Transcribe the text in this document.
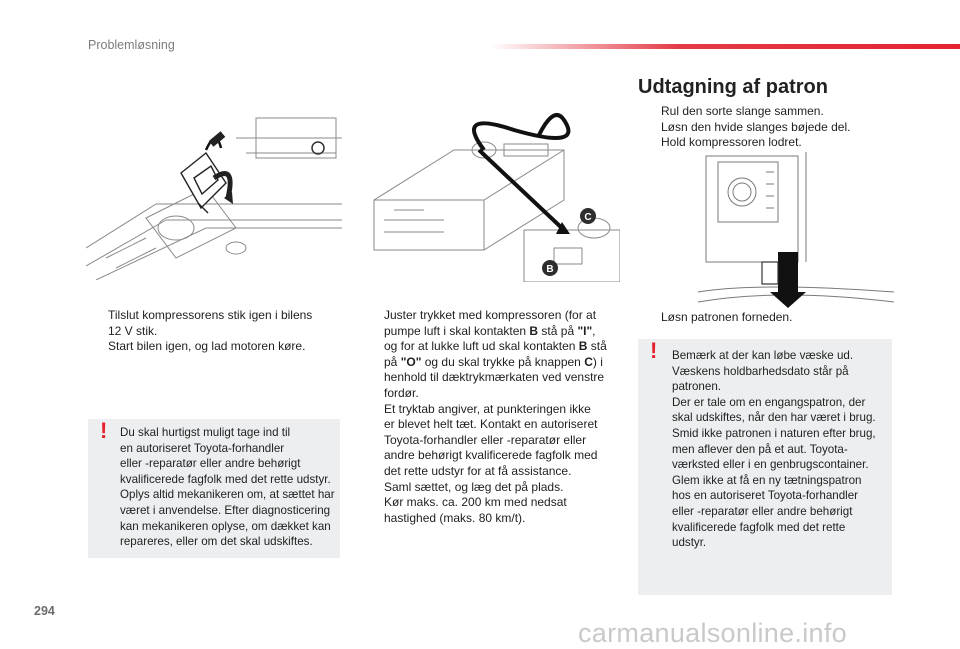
Problemløsning
Udtagning af patron
C
B
Rul den sorte slange sammen.
Løsn den hvide slanges bøjede del.
Hold kompressoren lodret.
Løsn patronen forneden.
! Bemærk at der kan løbe væske ud.
Væskens holdbarhedsdato står på
patronen.
Der er tale om en engangspatron, der
skal udskiftes, når den har været i brug.
Smid ikke patronen i naturen efter brug,
men aflever den på et aut. Toyota-
værksted eller i en genbrugscontainer.
Glem ikke at få en ny tætningspatron
hos en autoriseret Toyota-forhandler
eller -reparatør eller andre behørigt
kvalificerede fagfolk med det rette
udstyr.
Tilslut kompressorens stik igen i bilens
12 V stik.
Start bilen igen, og lad motoren køre.
! Du skal hurtigst muligt tage ind til
en autoriseret Toyota-forhandler
eller -reparatør eller andre behørigt
kvalificerede fagfolk med det rette udstyr.
Oplys altid mekanikeren om, at sættet har
været i anvendelse. Efter diagnosticering
kan mekanikeren oplyse, om dækket kan
repareres, eller om det skal udskiftes.
Juster trykket med kompressoren (for at
pumpe luft i skal kontakten B stå på "I",
og for at lukke luft ud skal kontakten B stå
på "O" og du skal trykke på knappen C) i
henhold til dæktrykmærkaten ved venstre
fordør.
Et tryktab angiver, at punkteringen ikke
er blevet helt tæt. Kontakt en autoriseret
Toyota-forhandler eller -reparatør eller
andre behørigt kvalificerede fagfolk med
det rette udstyr for at få assistance.
Saml sættet, og læg det på plads.
Kør maks. ca. 200 km med nedsat
hastighed (maks. 80 km/t).
294
carmanualsonline.info
